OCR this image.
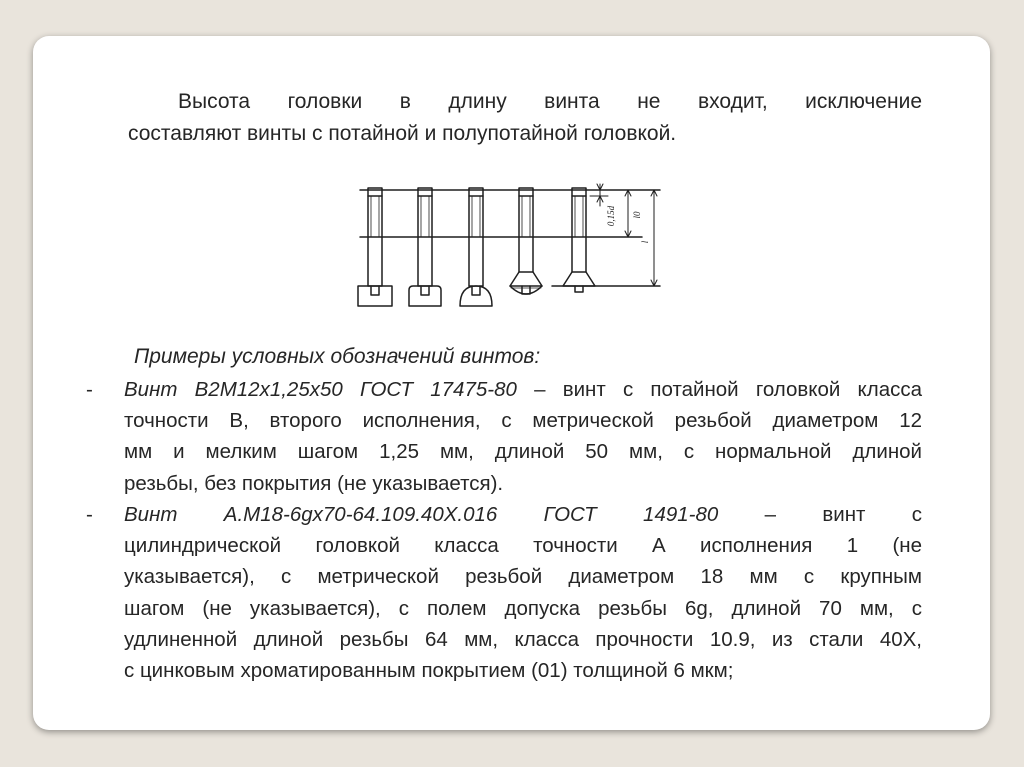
Высота головки в длину винта не входит, исключение
составляют винты с потайной и полупотайной головкой.

0,15d l0
l

Примеры условных обозначений винтов:

- Винт В2М12х1,25х50 ГОСТ 17475-80 – винт с потайной головкой класса
точности В, второго исполнения, с метрической резьбой диаметром 12
мм и мелким шагом 1,25 мм, длиной 50 мм, с нормальной длиной
резьбы, без покрытия (не указывается).

- Винт А.М18-6gх70-64.109.40Х.016 ГОСТ 1491-80 – винт с
цилиндрической головкой класса точности А исполнения 1 (не
указывается), с метрической резьбой диаметром 18 мм с крупным
шагом (не указывается), с полем допуска резьбы 6g, длиной 70 мм, с
удлиненной длиной резьбы 64 мм, класса прочности 10.9, из стали 40Х,
с цинковым хроматированным покрытием (01) толщиной 6 мкм;
